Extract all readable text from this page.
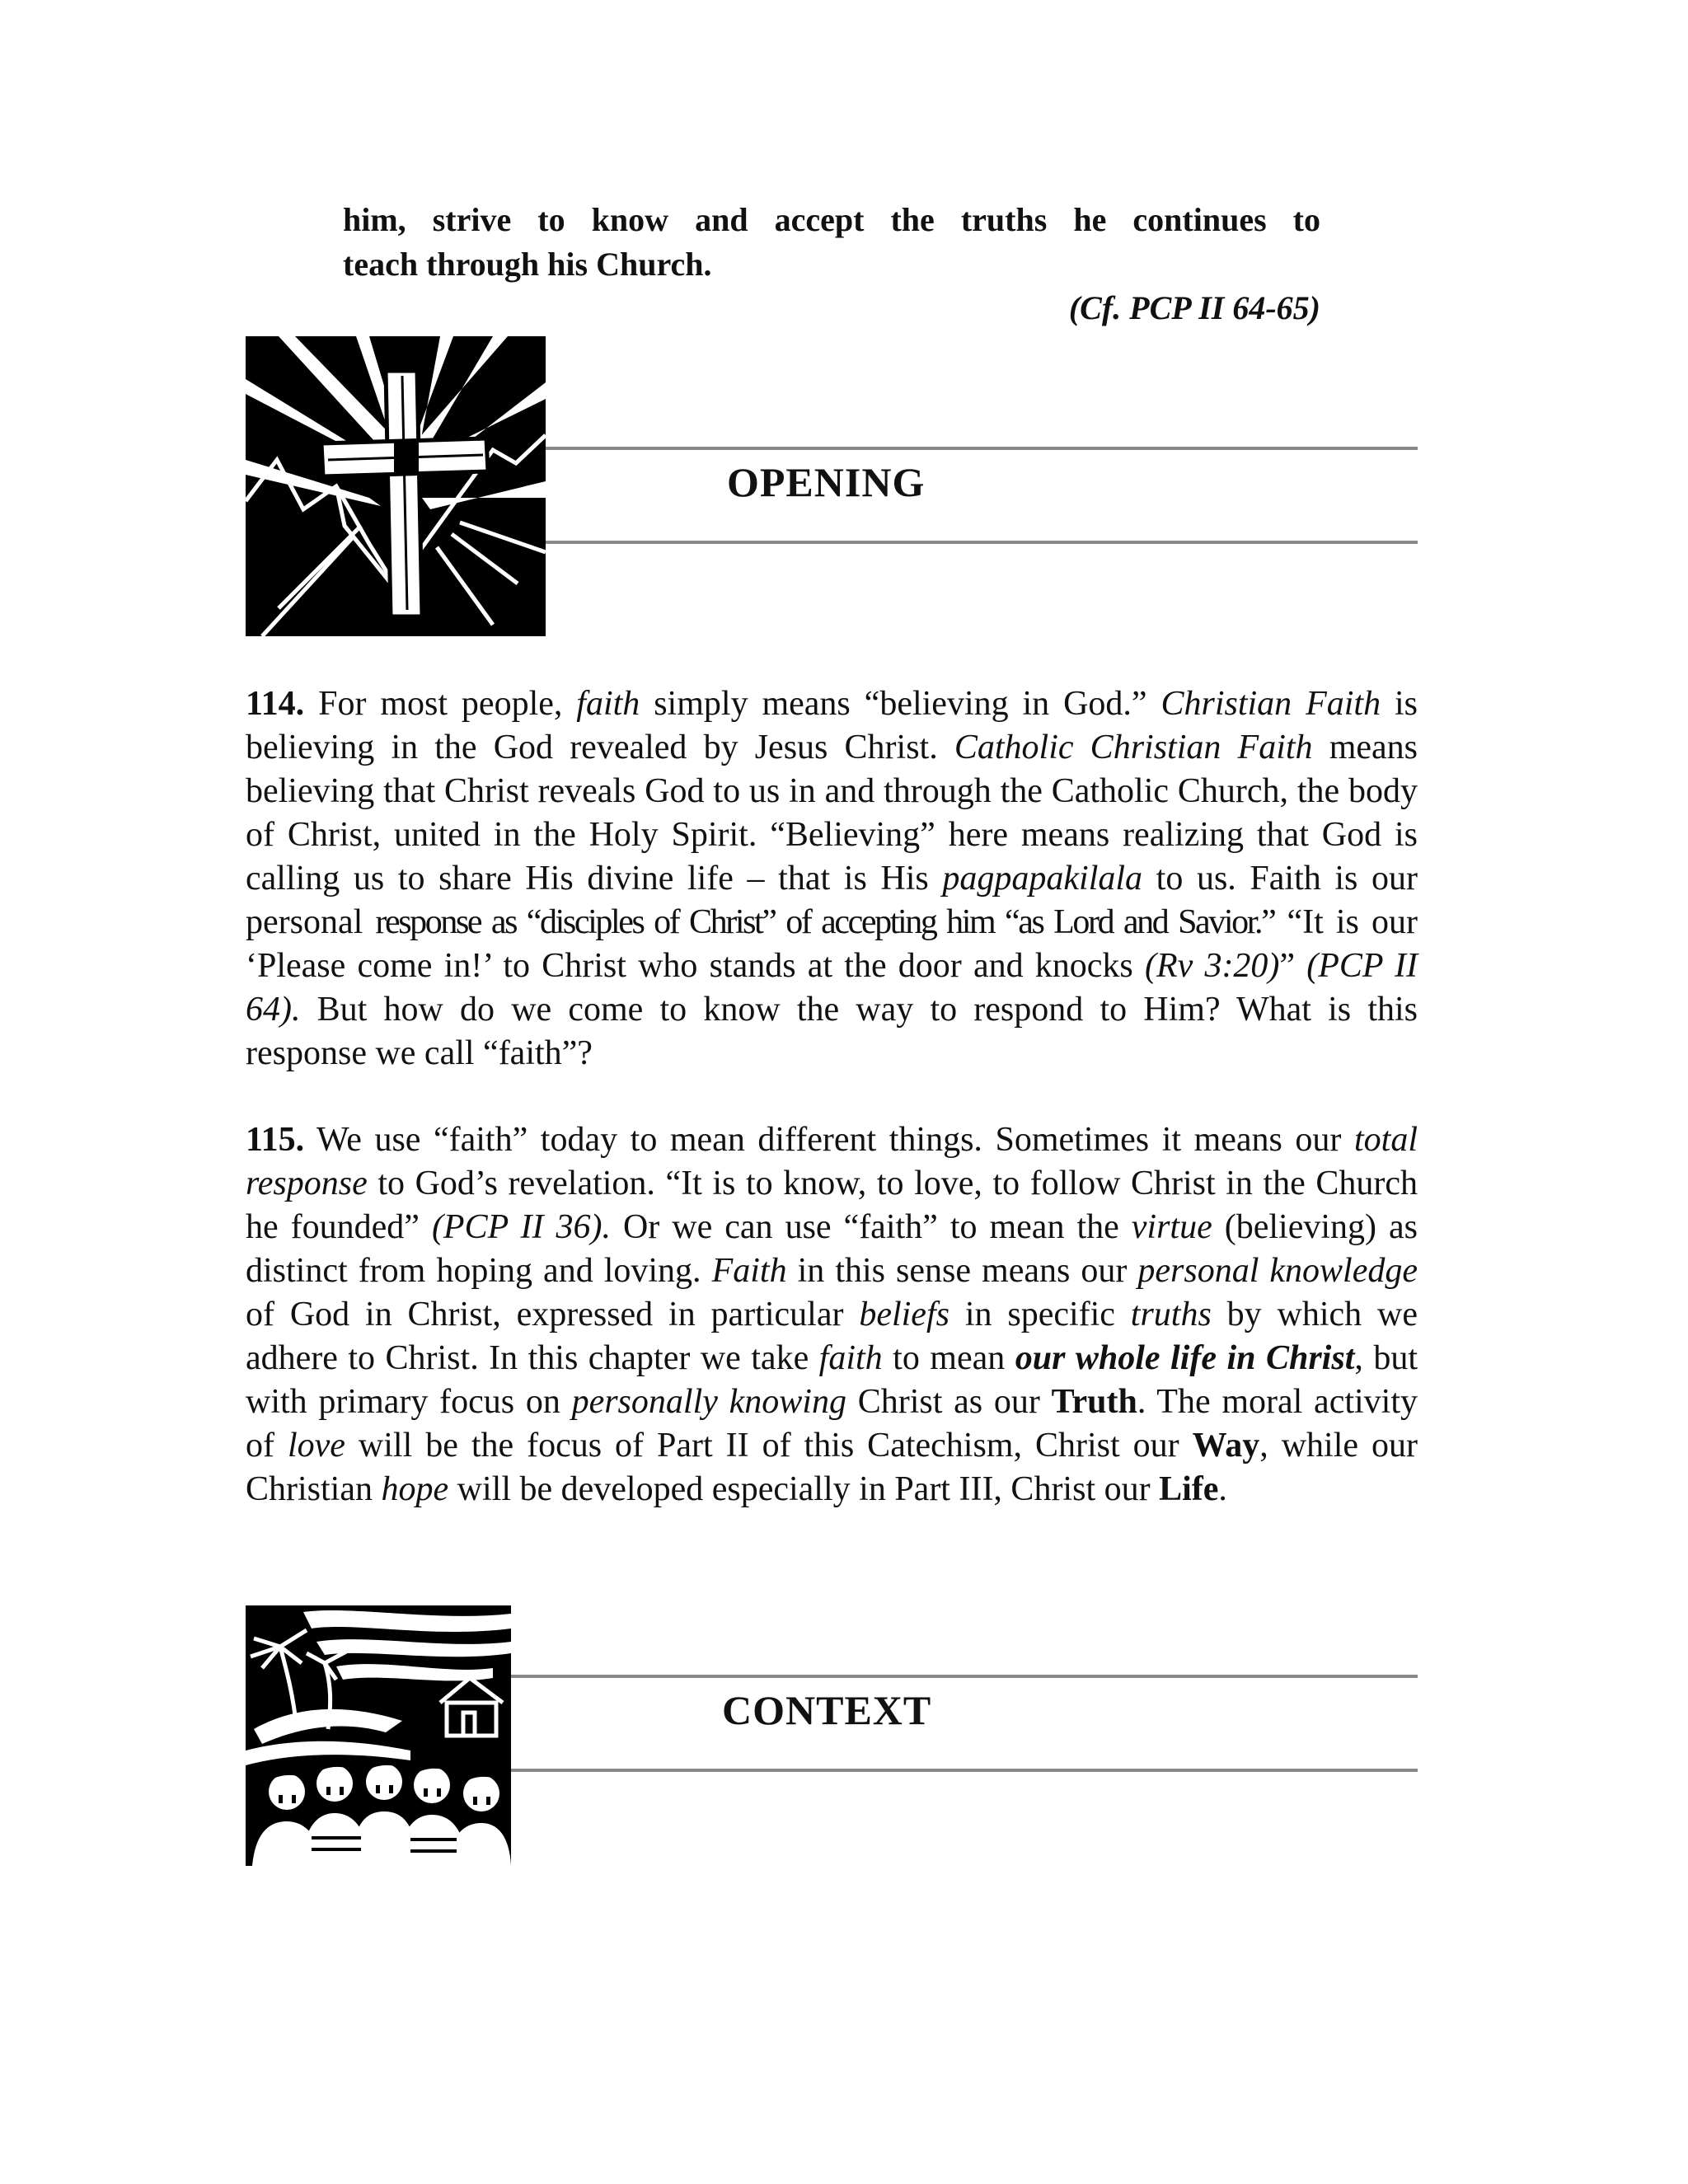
him, strive to know and accept the truths he continues to
teach through his Church.
(Cf. PCP II 64-65)
OPENING

114. For most people, faith simply means “believing in God.” Christian Faith is believing in the God revealed by Jesus Christ. Catholic Christian Faith means believing that Christ reveals God to us in and through the Catholic Church, the body of Christ, united in the Holy Spirit. “Believing” here means realizing that God is calling us to share His divine life – that is His pagpapakilala to us. Faith is our personal response as “disciples of Christ” of accepting him “as Lord and Savior.” “It is our ‘Please come in!’ to Christ who stands at the door and knocks (Rv 3:20)” (PCP II 64). But how do we come to know the way to respond to Him? What is this response we call “faith”?

115. We use “faith” today to mean different things. Sometimes it means our total response to God’s revelation. “It is to know, to love, to follow Christ in the Church he founded” (PCP II 36). Or we can use “faith” to mean the virtue (believing) as distinct from hoping and loving. Faith in this sense means our personal knowledge of God in Christ, expressed in particular beliefs in specific truths by which we adhere to Christ. In this chapter we take faith to mean our whole life in Christ, but with primary focus on personally knowing Christ as our Truth. The moral activity of love will be the focus of Part II of this Catechism, Christ our Way, while our Christian hope will be developed especially in Part III, Christ our Life.

CONTEXT
